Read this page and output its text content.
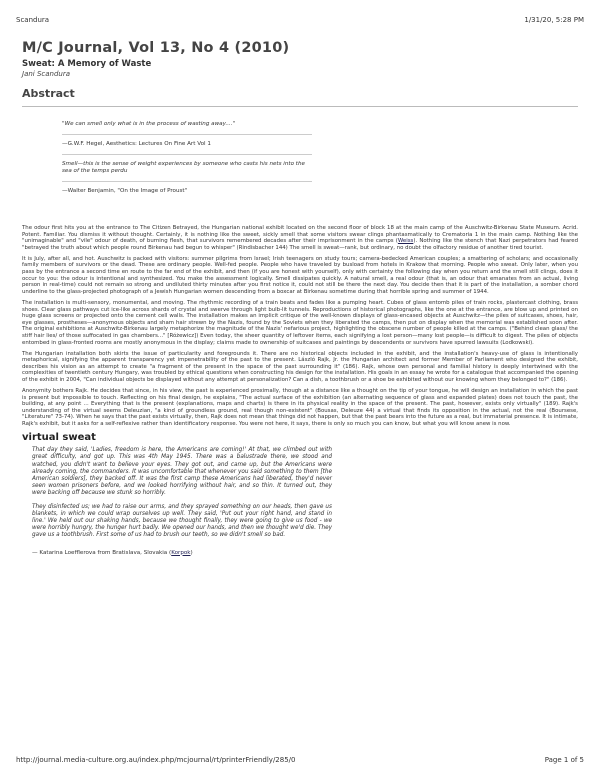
Scandura	1/31/20, 5:28 PM
M/C Journal, Vol 13, No 4 (2010)
Sweat: A Memory of Waste
Jani Scandura
Abstract

"We can smell only what is in the process of wasting away...."

—G.W.F. Hegel, Aesthetics: Lectures On Fine Art Vol 1

Smell—this is the sense of weight experiences by someone who casts his nets into the sea of the temps perdu

—Walter Benjamin, "On the Image of Proust"

The odour first hits you at the entrance to The Citizen Betrayed, the Hungarian national exhibit located on the second floor of block 18 at the main camp of the Auschwitz-Birkenau State Museum. Acrid. Potent. Familiar. You dismiss it without thought. Certainly, it is nothing like the sweet, sickly smell that some visitors swear clings phantasmatically to Crematoria 1 in the main camp. Nothing like the "unimaginable" and "vile" odour of death, of burning flesh, that survivors remembered decades after their imprisonment in the camps (Weiss). Nothing like the stench that Nazi perpetrators had feared "betrayed the truth about which people round Birkenau had begun to whisper" (Rindisbacher 144) The smell is sweat—rank, but ordinary, no doubt the olfactory residue of another tired tourist.

It is July, after all, and hot. Auschwitz is packed with visitors: summer pilgrims from Israel; Irish teenagers on study tours; camera-bedecked American couples; a smattering of scholars; and occasionally family members of survivors or the dead. These are ordinary people. Well-fed people. People who have traveled by busload from hotels in Krakow that morning. People who sweat. Only later, when you pass by the entrance a second time en route to the far end of the exhibit, and then (if you are honest with yourself), only with certainty the following day when you return and the smell still clings, does it occur to you: the odour is intentional and synthesized. You make the assessment logically. Smell dissipates quickly. A natural smell, a real odour (that is, an odour that emanates from an actual, living person in real-time) could not remain so strong and undiluted thirty minutes after you first notice it, could not still be there the next day. You decide then that it is part of the installation, a somber chord underline to the glass-projected photograph of a Jewish Hungarian women descending from a boxcar at Birkenau sometime during that horrible spring and summer of 1944.

The installation is multi-sensory, monumental, and moving. The rhythmic recording of a train beats and fades like a pumping heart. Cubes of glass entomb piles of train rocks, plastercast clothing, brass shoes. Clear glass pathways cut ice-like across shards of crystal and swerve through light bulb-lit tunnels. Reproductions of historical photographs, like the one at the entrance, are blow up and printed on huge glass screens or projected onto the cement cell walls. The installation makes an implicit critique of the well-known displays of glass-encased objects at Auschwitz—the piles of suitcases, shoes, hair, eye glasses, prostheses—anonymous objects and sham hair strewn by the Nazis, found by the Soviets when they liberated the camps, then put on display when the memorial was established soon after. The original exhibitions at Auschwitz-Birkenau largely metaphorize the magnitude of the Nazis' nefarious project, highlighting the obscene number of people killed at the camps. ("Behind clean glass/ the stiff hair lies/ of those suffocated in gas chambers..." [Różewicz]) Even today, the sheer quantity of leftover items, each signifying a lost person—many lost people—is difficult to digest. The piles of objects entombed in glass-fronted rooms are mostly anonymous in the display; claims made to ownership of suitcases and paintings by descendents or survivors have spurred lawsuits (Lodkowski).

The Hungarian installation both skirts the issue of particularity and foregrounds it. There are no historical objects included in the exhibit, and the installation's heavy-use of glass is intentionally metaphorical, signifying the apparent transparency yet impenetrability of the past to the present. László Rajk, Jr. the Hungarian architect and former Member of Parliament who designed the exhibit, describes his vision as an attempt to create "a fragment of the present in the space of the past surrounding it" (186). Rajk, whose own personal and familial history is deeply intertwined with the complexities of twentieth century Hungary, was troubled by ethical questions when constructing his design for the installation. His goals in an essay he wrote for a catalogue that accompanied the opening of the exhibit in 2004, "Can individual objects be displayed without any attempt at personalization? Can a dish, a toothbrush or a shoe be exhibited without our knowing whom they belonged to?" (186).

Anonymity bothers Rajk. He decides that since, in his view, the past is experienced proximally, though at a distance like a thought on the tip of your tongue, he will design an installation in which the past is present but impossible to touch. Reflecting on his final design, he explains, "The actual surface of the exhibition (an alternating sequence of glass and expanded plates) does not touch the past, the building, at any point ... Everything that is the present (explanations, maps and charts) is there in its physical reality in the space of the present. The past, however, exists only virtually" (189). Rajk's understanding of the virtual seems Deleuzian, "a kind of groundless ground, real though non-existent" (Bousas, Deleuze 44) a virtual that finds its opposition in the actual, not the real (Boursese, "Literature" 73-74). When he says that the past exists virtually, then, Rajk does not mean that things did not happen, but that the past bears into the future as a real, but immaterial presence. It is intimate, Rajk's exhibit, but it asks for a self-reflexive rather than identificatory response. You were not here, it says, there is only so much you can know, but what you will know anew is now.

virtual sweat

That day they said, 'Ladies, freedom is here, the Americans are coming!' At that, we climbed out with great difficulty, and got up. This was 4th May 1945. There was a balustrade there, we stood and watched, you didn't want to believe your eyes. They got out, and came up, but the Americans were already coming, the commanders. It was uncomfortable that whenever you said something to them [the American soldiers], they backed off. It was the first camp these Americans had liberated, they'd never seen women prisoners before, and we looked horrifying without hair, and so thin. It turned out, they were backing off because we stunk so horribly.

They disinfected us; we had to raise our arms, and they sprayed something on our heads, then gave us blankets, in which we could wrap ourselves up well. They said, 'Put out your right hand, and stand in line.' We held out our shaking hands, because we thought finally, they were going to give us food - we were horribly hungry, the hunger hurt badly. We opened our hands, and then we thought we'd die. They gave us a toothbrush. First some of us had to brush our teeth, so we didn't smell so bad.

— Katarina Loefflerova from Bratislava, Slovakia (Korpok)

http://journal.media-culture.org.au/index.php/mcjournal/rt/printerFriendly/285/0	Page 1 of 5
